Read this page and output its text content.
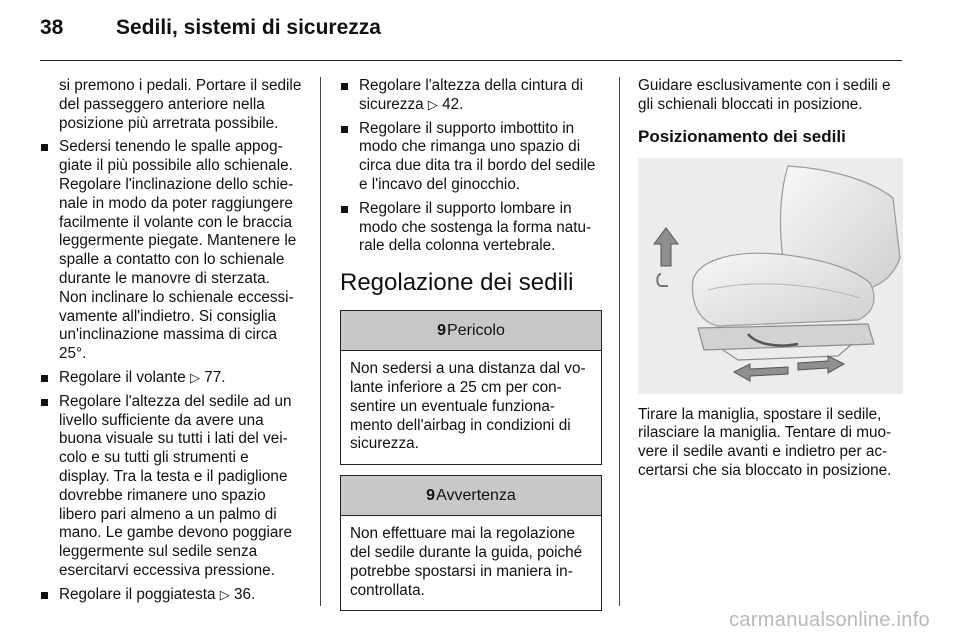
38	Sedili, sistemi di sicurezza

si premono i pedali. Portare il sedile del passeggero anteriore nella posizione più arretrata possibile.

Sedersi tenendo le spalle appoggiate il più possibile allo schienale. Regolare l'inclinazione dello schienale in modo da poter raggiungere facilmente il volante con le braccia leggermente piegate. Mantenere le spalle a contatto con lo schienale durante le manovre di sterzata. Non inclinare lo schienale eccessivamente all'indietro. Si consiglia un'inclinazione massima di circa 25°.
Regolare il volante ▷ 77.
Regolare l'altezza del sedile ad un livello sufficiente da avere una buona visuale su tutti i lati del veicolo e su tutti gli strumenti e display. Tra la testa e il padiglione dovrebbe rimanere uno spazio libero pari almeno a un palmo di mano. Le gambe devono poggiare leggermente sul sedile senza esercitarvi eccessiva pressione.
Regolare il poggiatesta ▷ 36.
Regolare l'altezza della cintura di sicurezza ▷ 42.
Regolare il supporto imbottito in modo che rimanga uno spazio di circa due dita tra il bordo del sedile e l'incavo del ginocchio.
Regolare il supporto lombare in modo che sostenga la forma naturale della colonna vertebrale.
Regolazione dei sedili
9Pericolo
Non sedersi a una distanza dal volante inferiore a 25 cm per consentire un eventuale funzionamento dell'airbag in condizioni di sicurezza.
9Avvertenza
Non effettuare mai la regolazione del sedile durante la guida, poiché potrebbe spostarsi in maniera incontrollata.

Guidare esclusivamente con i sedili e gli schienali bloccati in posizione.

Posizionamento dei sedili

Tirare la maniglia, spostare il sedile, rilasciare la maniglia. Tentare di muovere il sedile avanti e indietro per accertarsi che sia bloccato in posizione.

carmanualsonline.info
